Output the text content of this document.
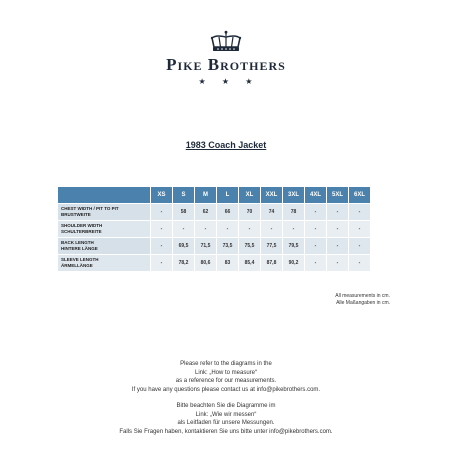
Pike Brothers
★ ★ ★
1983 Coach Jacket
	XS	S	M	L	XL	XXL	3XL	4XL	5XL	6XL
CHEST WIDTH / PIT TO PIT
BRUSTWEITE	-	58	62	66	70	74	78	-	-	-
SHOULDER WIDTH
SCHULTERBREITE	-	-	-	-	-	-	-	-	-	-
BACK LENGTH
HINTERE LÄNGE	-	69,5	71,5	73,5	75,5	77,5	79,5	-	-	-
SLEEVE LENGTH
ÄRMELLÄNGE	-	78,2	80,6	83	85,4	87,8	90,2	-	-	-
All measurements in cm.
Alle Maßangaben in cm.
Please refer to the diagrams in the
Link: „How to measure“
as a reference for our measurements.
If you have any questions please contact us at info@pikebrothers.com.
Bitte beachten Sie die Diagramme im
Link: „Wie wir messen“
als Leitfaden für unsere Messungen.
Falls Sie Fragen haben, kontaktieren Sie uns bitte unter info@pikebrothers.com.
